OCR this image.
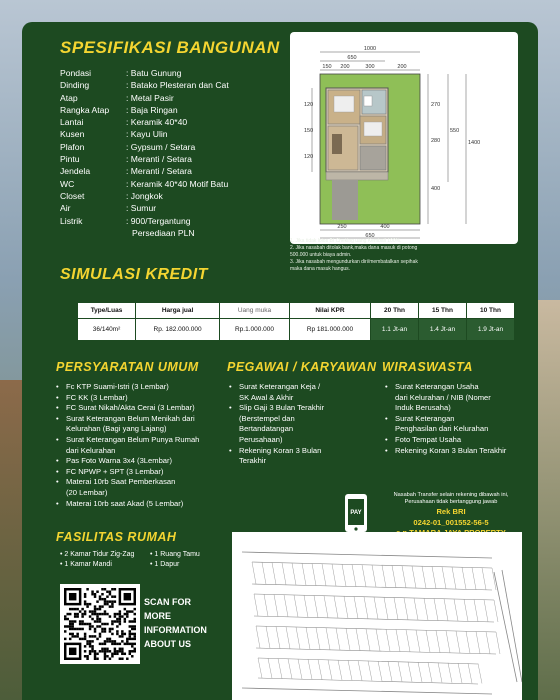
SPESIFIKASI BANGUNAN
Pondasi	: Batu Gunung
Dinding	: Batako Plesteran dan Cat
Atap	: Metal Pasir
Rangka Atap	: Baja Ringan
Lantai	: Keramik 40*40
Kusen	: Kayu Ulin
Plafon	: Gypsum / Setara
Pintu	: Meranti / Setara
Jendela	: Meranti / Setara
WC	: Keramik 40*40 Motif Batu
Closet	: Jongkok
Air	: Sumur
Listrik	: 900/Tergantung
Persediaan PLN
1000
650
150 200	300	200
120
150
120
270
280
400
550
1400
250	400
650
1. Jika tidak lolos BI Cheking uang Kembali 100%.
2. Jika nasabah ditolak bank,maka dana masuk di potong
500.000 untuk biaya admin.
3. Jika nasabah mengundurkan diri/membatalkan sepihak
maka dana masuk hangus.
SIMULASI KREDIT
Type/Luas	Harga jual	Uang muka	Nilai KPR	20 Thn	15 Thn	10 Thn
36/140m²	Rp. 182.000.000	Rp.1.000.000	Rp 181.000.000	1.1 Jt-an	1.4 Jt-an	1.9 Jt-an
PERSYARATAN UMUM
• Fc KTP Suami-Istri (3 Lembar)
• FC KK (3 Lembar)
• FC Surat Nikah/Akta Cerai (3 Lembar)
• Surat Keterangan Belum Menikah dari
Kelurahan (Bagi yang Lajang)
• Surat Keterangan Belum Punya Rumah
dari Kelurahan
• Pas Foto Warna 3x4 (3Lembar)
• FC NPWP + SPT (3 Lembar)
• Materai 10rb Saat Pemberkasan
(20 Lembar)
• Materai 10rb saat Akad (5 Lembar)
PEGAWAI / KARYAWAN
• Surat Keterangan Keja /
SK Awal & Akhir
• Slip Gaji 3 Bulan Terakhir
(Berstempel dan
Bertandatangan
Perusahaan)
• Rekening Koran 3 Bulan
Terakhir
WIRASWASTA
• Surat Keterangan Usaha
dari Kelurahan / NIB (Nomer
Induk Berusaha)
• Surat Keterangan
Penghasilan dari Kelurahan
• Foto Tempat Usaha
• Rekening Koran 3 Bulan Terakhir
PAY
Nasabah Transfer selain rekening dibawah ini,
Perusahaan tidak bertanggung jawab
Rek BRI
0242-01_001552-56-5
FASILITAS RUMAH
• 2 Kamar Tidur Zig-Zag
• 1 Kamar Mandi
• 1 Ruang Tamu
• 1 Dapur
SCAN FOR
MORE
INFORMATION
ABOUT US
